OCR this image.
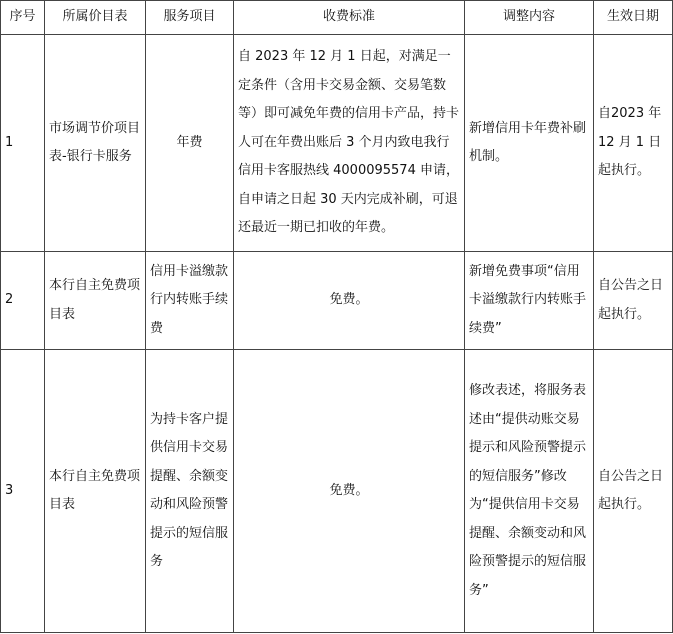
序号	所属价目表	服务项目	收费标准	调整内容	生效日期
1	市场调节价项目表-银行卡服务	年费	自 2023 年 12 月 1 日起，对满足一定条件（含用卡交易金额、交易笔数等）即可减免年费的信用卡产品，持卡人可在年费出账后 3 个月内致电我行信用卡客服热线 4000095574 申请，自申请之日起 30 天内完成补刷，可退还最近一期已扣收的年费。	新增信用卡年费补刷机制。	自2023 年 12 月 1 日起执行。
2	本行自主免费项目表	信用卡溢缴款行内转账手续费	免费。	新增免费事项“信用卡溢缴款行内转账手续费”	自公告之日起执行。
3	本行自主免费项目表	为持卡客户提供信用卡交易提醒、余额变动和风险预警提示的短信服务	免费。	修改表述，将服务表述由“提供动账交易提示和风险预警提示的短信服务”修改为“提供信用卡交易提醒、余额变动和风险预警提示的短信服务”	自公告之日起执行。
